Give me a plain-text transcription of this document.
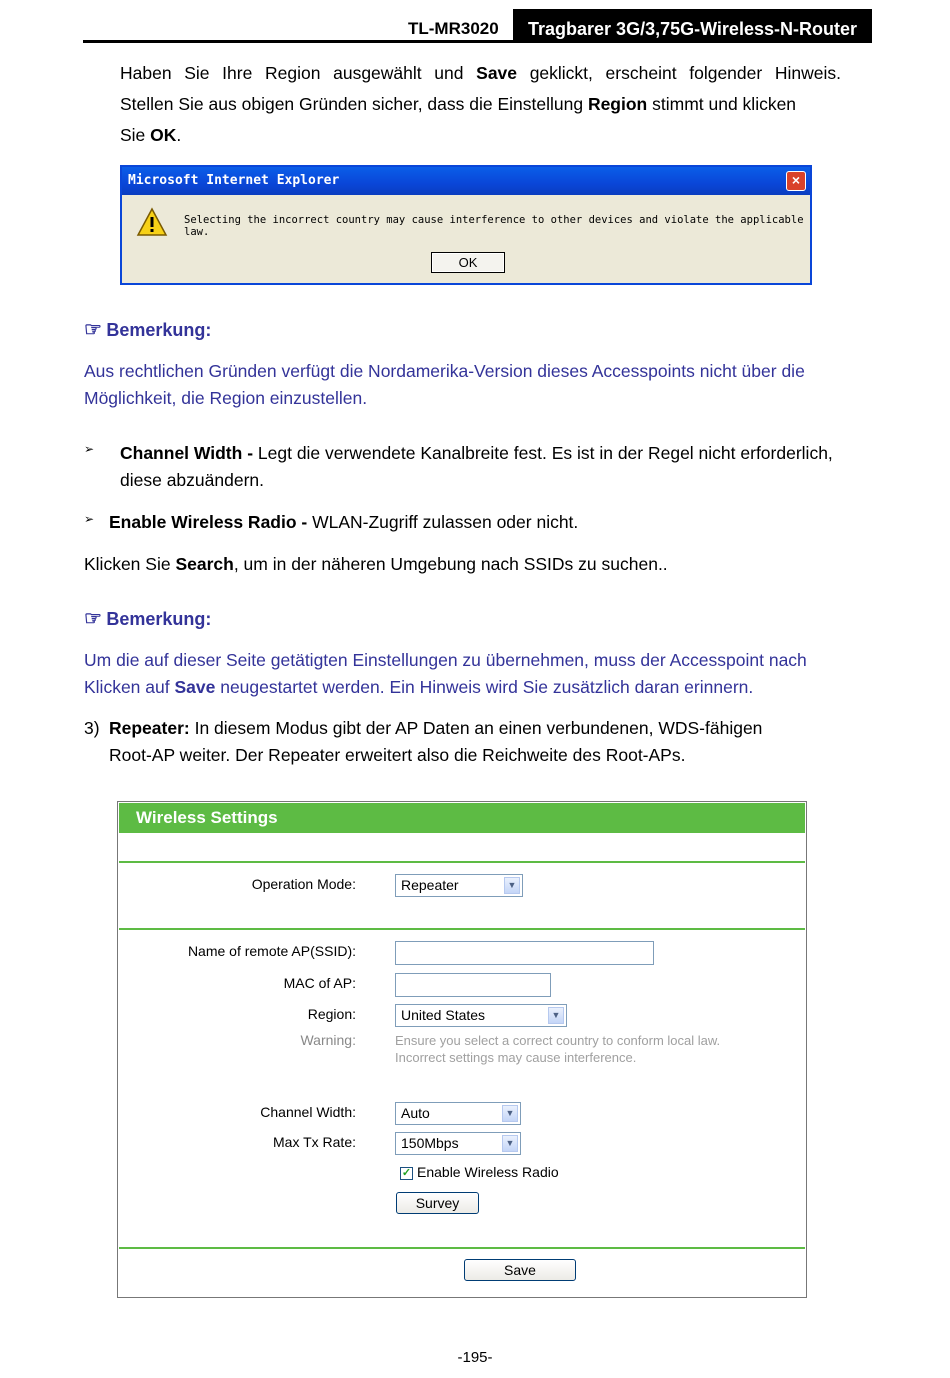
TL-MR3020	Tragbarer 3G/3,75G-Wireless-N-Router
Haben Sie Ihre Region ausgewählt und Save geklickt, erscheint folgender Hinweis.
Stellen Sie aus obigen Gründen sicher, dass die Einstellung Region stimmt und klicken
Sie OK.
Microsoft Internet Explorer	×
Selecting the incorrect country may cause interference to other devices and violate the applicable law.
OK
☞ Bemerkung:
Aus rechtlichen Gründen verfügt die Nordamerika-Version dieses Accesspoints nicht über die
Möglichkeit, die Region einzustellen.
➢ Channel Width - Legt die verwendete Kanalbreite fest. Es ist in der Regel nicht erforderlich,
diese abzuändern.
➢ Enable Wireless Radio - WLAN-Zugriff zulassen oder nicht.
Klicken Sie Search, um in der näheren Umgebung nach SSIDs zu suchen..
☞ Bemerkung:
Um die auf dieser Seite getätigten Einstellungen zu übernehmen, muss der Accesspoint nach
Klicken auf Save neugestartet werden. Ein Hinweis wird Sie zusätzlich daran erinnern.
3) Repeater: In diesem Modus gibt der AP Daten an einen verbundenen, WDS-fähigen
Root-AP weiter. Der Repeater erweitert also die Reichweite des Root-APs.
Wireless Settings
Operation Mode:	Repeater	▼
Name of remote AP(SSID):
MAC of AP:
Region:	United States	▼
Warning:	Ensure you select a correct country to conform local law.
Incorrect settings may cause interference.
Channel Width:	Auto	▼
Max Tx Rate:	150Mbps	▼
✓ Enable Wireless Radio
Survey
Save
-195-
